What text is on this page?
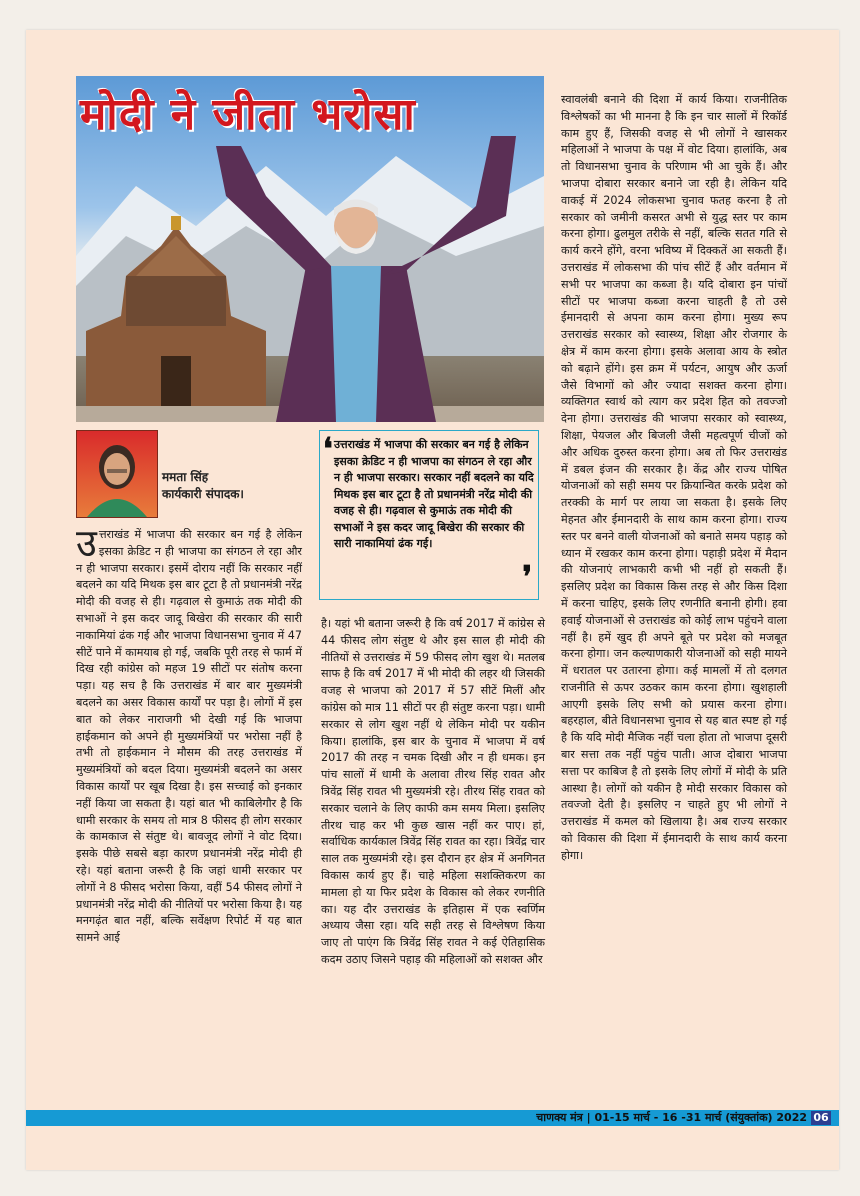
मोदी ने जीता भरोसा

ममता सिंह

कार्यकारी संपादक।

❛ उत्तराखंड में भाजपा की सरकार बन गई है लेकिन इसका क्रेडिट न ही भाजपा का संगठन ले रहा और न ही भाजपा सरकार। सरकार नहीं बदलने का यदि मिथक इस बार टूटा है तो प्रधानमंत्री नरेंद्र मोदी की वजह से ही। गढ़वाल से कुमाऊं तक मोदी की सभाओं ने इस कदर जादू बिखेरा की सरकार की सारी नाकामियां ढंक गई।

❜

उत्तराखंड में भाजपा की सरकार बन गई है लेकिन इसका क्रेडिट न ही भाजपा का संगठन ले रहा और न ही भाजपा सरकार। इसमें दोराय नहीं कि सरकार नहीं बदलने का यदि मिथक इस बार टूटा है तो प्रधानमंत्री नरेंद्र मोदी की वजह से ही। गढ़वाल से कुमाऊं तक मोदी की सभाओं ने इस कदर जादू बिखेरा की सरकार की सारी नाकामियां ढंक गई और भाजपा विधानसभा चुनाव में 47 सीटें पाने में कामयाब हो गई, जबकि पूरी तरह से फार्म में दिख रही कांग्रेस को महज 19 सीटों पर संतोष करना पड़ा। यह सच है कि उत्तराखंड में बार बार मुख्यमंत्री बदलने का असर विकास कार्यों पर पड़ा है। लोगों में इस बात को लेकर नाराजगी भी देखी गई कि भाजपा हाईकमान को अपने ही मुख्यमंत्रियों पर भरोसा नहीं है तभी तो हाईकमान ने मौसम की तरह उत्तराखंड में मुख्यमंत्रियों को बदल दिया। मुख्यमंत्री बदलने का असर विकास कार्यों पर खूब दिखा है। इस सच्चाई को इनकार नहीं किया जा सकता है। यहां बात भी काबिलेगौर है कि धामी सरकार के समय तो मात्र 8 फीसद ही लोग सरकार के कामकाज से संतुष्ट थे। बावजूद लोगों ने वोट दिया। इसके पीछे सबसे बड़ा कारण प्रधानमंत्री नरेंद्र मोदी ही रहे। यहां बताना जरूरी है कि जहां धामी सरकार पर लोगों ने 8 फीसद भरोसा किया, वहीं 54 फीसद लोगों ने प्रधानमंत्री नरेंद्र मोदी की नीतियों पर भरोसा किया है। यह मनगढ़ंत बात नहीं, बल्कि सर्वेक्षण रिपोर्ट में यह बात सामने आई

है। यहां भी बताना जरूरी है कि वर्ष 2017 में कांग्रेस से 44 फीसद लोग संतुष्ट थे और इस साल ही मोदी की नीतियों से उत्तराखंड में 59 फीसद लोग खुश थे। मतलब साफ है कि वर्ष 2017 में भी मोदी की लहर थी जिसकी वजह से भाजपा को 2017 में 57 सीटें मिलीं और कांग्रेस को मात्र 11 सीटों पर ही संतुष्ट करना पड़ा। धामी सरकार से लोग खुश नहीं थे लेकिन मोदी पर यकीन किया। हालांकि, इस बार के चुनाव में भाजपा में वर्ष 2017 की तरह न चमक दिखी और न ही धमक। इन पांच सालों में धामी के अलावा तीरथ सिंह रावत और त्रिवेंद्र सिंह रावत भी मुख्यमंत्री रहे। तीरथ सिंह रावत को सरकार चलाने के लिए काफी कम समय मिला। इसलिए तीरथ चाह कर भी कुछ खास नहीं कर पाए। हां, सर्वाधिक कार्यकाल त्रिवेंद्र सिंह रावत का रहा। त्रिवेंद्र चार साल तक मुख्यमंत्री रहे। इस दौरान हर क्षेत्र में अनगिनत विकास कार्य हुए हैं। चाहे महिला सशक्तिकरण का मामला हो या फिर प्रदेश के विकास को लेकर रणनीति का। यह दौर उत्तराखंड के इतिहास में एक स्वर्णिम अध्याय जैसा रहा। यदि सही तरह से विश्लेषण किया जाए तो पाएंग कि त्रिवेंद्र सिंह रावत ने कई ऐतिहासिक कदम उठाए जिसने पहाड़ की महिलाओं को सशक्त और

स्वावलंबी बनाने की दिशा में कार्य किया। राजनीतिक विश्लेषकों का भी मानना है कि इन चार सालों में रिकॉर्ड काम हुए हैं, जिसकी वजह से भी लोगों ने खासकर महिलाओं ने भाजपा के पक्ष में वोट दिया। हालांकि, अब तो विधानसभा चुनाव के परिणाम भी आ चुके हैं। और भाजपा दोबारा सरकार बनाने जा रही है। लेकिन यदि वाकई में 2024 लोकसभा चुनाव फतह करना है तो सरकार को जमीनी कसरत अभी से युद्ध स्तर पर काम करना होगा। ढुलमुल तरीके से नहीं, बल्कि सतत गति से कार्य करने होंगे, वरना भविष्य में दिक्कतें आ सकती हैं। उत्तराखंड में लोकसभा की पांच सीटें हैं और वर्तमान में सभी पर भाजपा का कब्जा है। यदि दोबारा इन पांचों सीटों पर भाजपा कब्जा करना चाहती है तो उसे ईमानदारी से अपना काम करना होगा। मुख्य रूप उत्तराखंड सरकार को स्वास्थ्य, शिक्षा और रोजगार के क्षेत्र में काम करना होगा। इसके अलावा आय के स्त्रोत को बढ़ाने होंगे। इस क्रम में पर्यटन, आयुष और ऊर्जा जैसे विभागों को और ज्यादा सशक्त करना होगा। व्यक्तिगत स्वार्थ को त्याग कर प्रदेश हित को तवज्जो देना होगा। उत्तराखंड की भाजपा सरकार को स्वास्थ्य, शिक्षा, पेयजल और बिजली जैसी महत्वपूर्ण चीजों को और अधिक दुरुस्त करना होगा। अब तो फिर उत्तराखंड में डबल इंजन की सरकार है। केंद्र और राज्य पोषित योजनाओं को सही समय पर क्रियान्वित करके प्रदेश को तरक्की के मार्ग पर लाया जा सकता है। इसके लिए मेहनत और ईमानदारी के साथ काम करना होगा। राज्य स्तर पर बनने वाली योजनाओं को बनाते समय पहाड़ को ध्यान में रखकर काम करना होगा। पहाड़ी प्रदेश में मैदान की योजनाएं लाभकारी कभी भी नहीं हो सकती हैं। इसलिए प्रदेश का विकास किस तरह से और किस दिशा में करना चाहिए, इसके लिए रणनीति बनानी होगी। हवा हवाई योजनाओं से उत्तराखंड को कोई लाभ पहुंचने वाला नहीं है। हमें खुद ही अपने बूते पर प्रदेश को मजबूत करना होगा। जन कल्याणकारी योजनाओं को सही मायने में धरातल पर उतारना होगा। कई मामलों में तो दलगत राजनीति से ऊपर उठकर काम करना होगा। खुशहाली आएगी इसके लिए सभी को प्रयास करना होगा। बहरहाल, बीते विधानसभा चुनाव से यह बात स्पष्ट हो गई है कि यदि मोदी मैजिक नहीं चला होता तो भाजपा दूसरी बार सत्ता तक नहीं पहुंच पाती। आज दोबारा भाजपा सत्ता पर काबिज है तो इसके लिए लोगों में मोदी के प्रति आस्था है। लोगों को यकीन है मोदी सरकार विकास को तवज्जो देती है। इसलिए न चाहते हुए भी लोगों ने उत्तराखंड में कमल को खिलाया है। अब राज्य सरकार को विकास की दिशा में ईमानदारी के साथ कार्य करना होगा।

चाणक्य मंत्र | 01-15 मार्च - 16 -31 मार्च (संयुक्तांक) 2022 06
